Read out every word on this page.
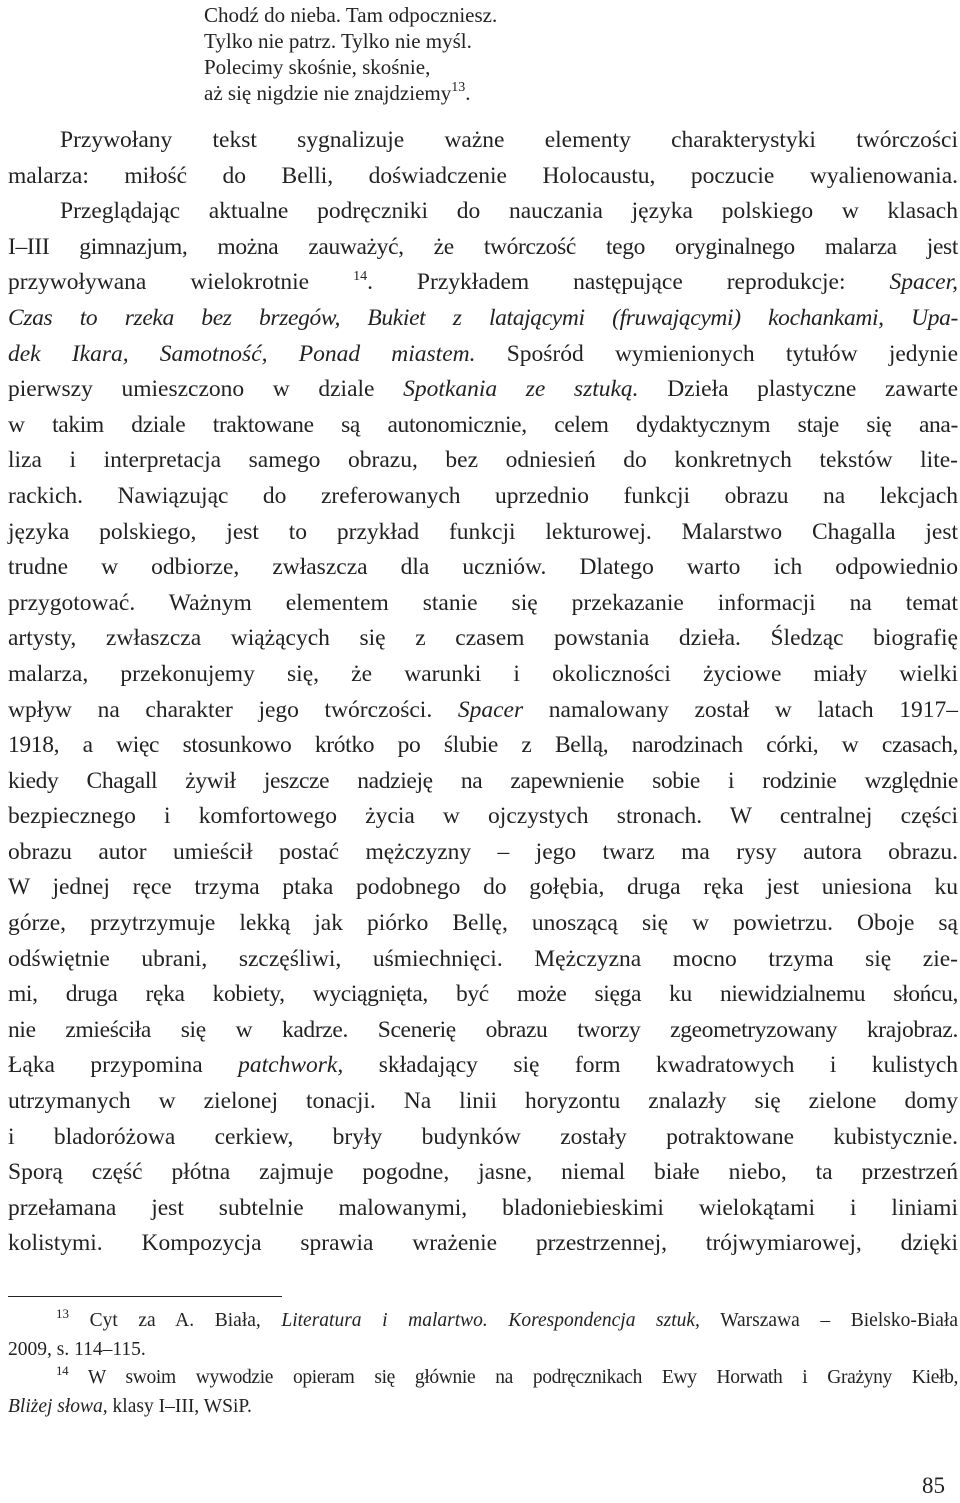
Chodź do nieba. Tam odpoczniesz.
Tylko nie patrz. Tylko nie myśl.
Polecimy skośnie, skośnie,
aż się nigdzie nie znajdziemy$^{13}$.
Przywołany tekst sygnalizuje ważne elementy charakterystyki twórczości
malarza: miłość do Belli, doświadczenie Holocaustu, poczucie wyalienowania.
Przeglądając aktualne podręczniki do nauczania języka polskiego w klasach
I–III gimnazjum, można zauważyć, że twórczość tego oryginalnego malarza jest
przywoływana wielokrotnie	$^{14}$. Przykładem następujące reprodukcje: Spacer,
Czas to rzeka bez brzegów, Bukiet z latającymi (fruwającymi) kochankami, Upa-
dek Ikara, Samotność, Ponad miastem. Spośród wymienionych tytułów jedynie
pierwszy umieszczono w dziale Spotkania ze sztuką. Dzieła plastyczne zawarte
w takim dziale traktowane są autonomicznie, celem dydaktycznym staje się ana-
liza i interpretacja samego obrazu, bez odniesień do konkretnych tekstów lite-
rackich. Nawiązując do zreferowanych uprzednio funkcji obrazu na lekcjach
języka polskiego, jest to przykład funkcji lekturowej. Malarstwo Chagalla jest
trudne w odbiorze, zwłaszcza dla uczniów. Dlatego warto ich odpowiednio
przygotować. Ważnym elementem stanie się przekazanie informacji na temat
artysty, zwłaszcza wiążących się z czasem powstania dzieła. Śledząc biografię
malarza, przekonujemy się, że warunki i okoliczności życiowe miały wielki
wpływ na charakter jego twórczości. Spacer namalowany został w latach 1917–
1918, a więc stosunkowo krótko po ślubie z Bellą, narodzinach córki, w czasach,
kiedy Chagall żywił jeszcze nadzieję na zapewnienie sobie i rodzinie względnie
bezpiecznego i komfortowego życia w ojczystych stronach. W centralnej części
obrazu autor umieścił postać mężczyzny – jego twarz ma rysy autora obrazu.
W jednej ręce trzyma ptaka podobnego do gołębia, druga ręka jest uniesiona ku
górze, przytrzymuje lekką jak piórko Bellę, unoszącą się w powietrzu. Oboje są
odświętnie ubrani, szczęśliwi, uśmiechnięci. Mężczyzna mocno trzyma się zie-
mi, druga ręka kobiety, wyciągnięta, być może sięga ku niewidzialnemu słońcu,
nie zmieściła się w kadrze. Scenerię obrazu tworzy zgeometryzowany krajobraz.
Łąka przypomina patchwork, składający się form kwadratowych i kulistych
utrzymanych w zielonej tonacji. Na linii horyzontu znalazły się zielone domy
i bladoróżowa cerkiew, bryły budynków zostały potraktowane kubistycznie.
Sporą część płótna zajmuje pogodne, jasne, niemal białe niebo, ta przestrzeń
przełamana jest subtelnie malowanymi, bladoniebieskimi wielokątami i liniami
kolistymi. Kompozycja sprawia wrażenie przestrzennej, trójwymiarowej, dzięki
$^{13}$ Cyt za A. Biała, Literatura i malartwo. Korespondencja sztuk, Warszawa – Bielsko-Biała
2009, s. 114–115.
$^{14}$ W swoim wywodzie opieram się głównie na podręcznikach Ewy Horwath i Grażyny Kiełb,
Bliżej słowa, klasy I–III, WSiP.
85
